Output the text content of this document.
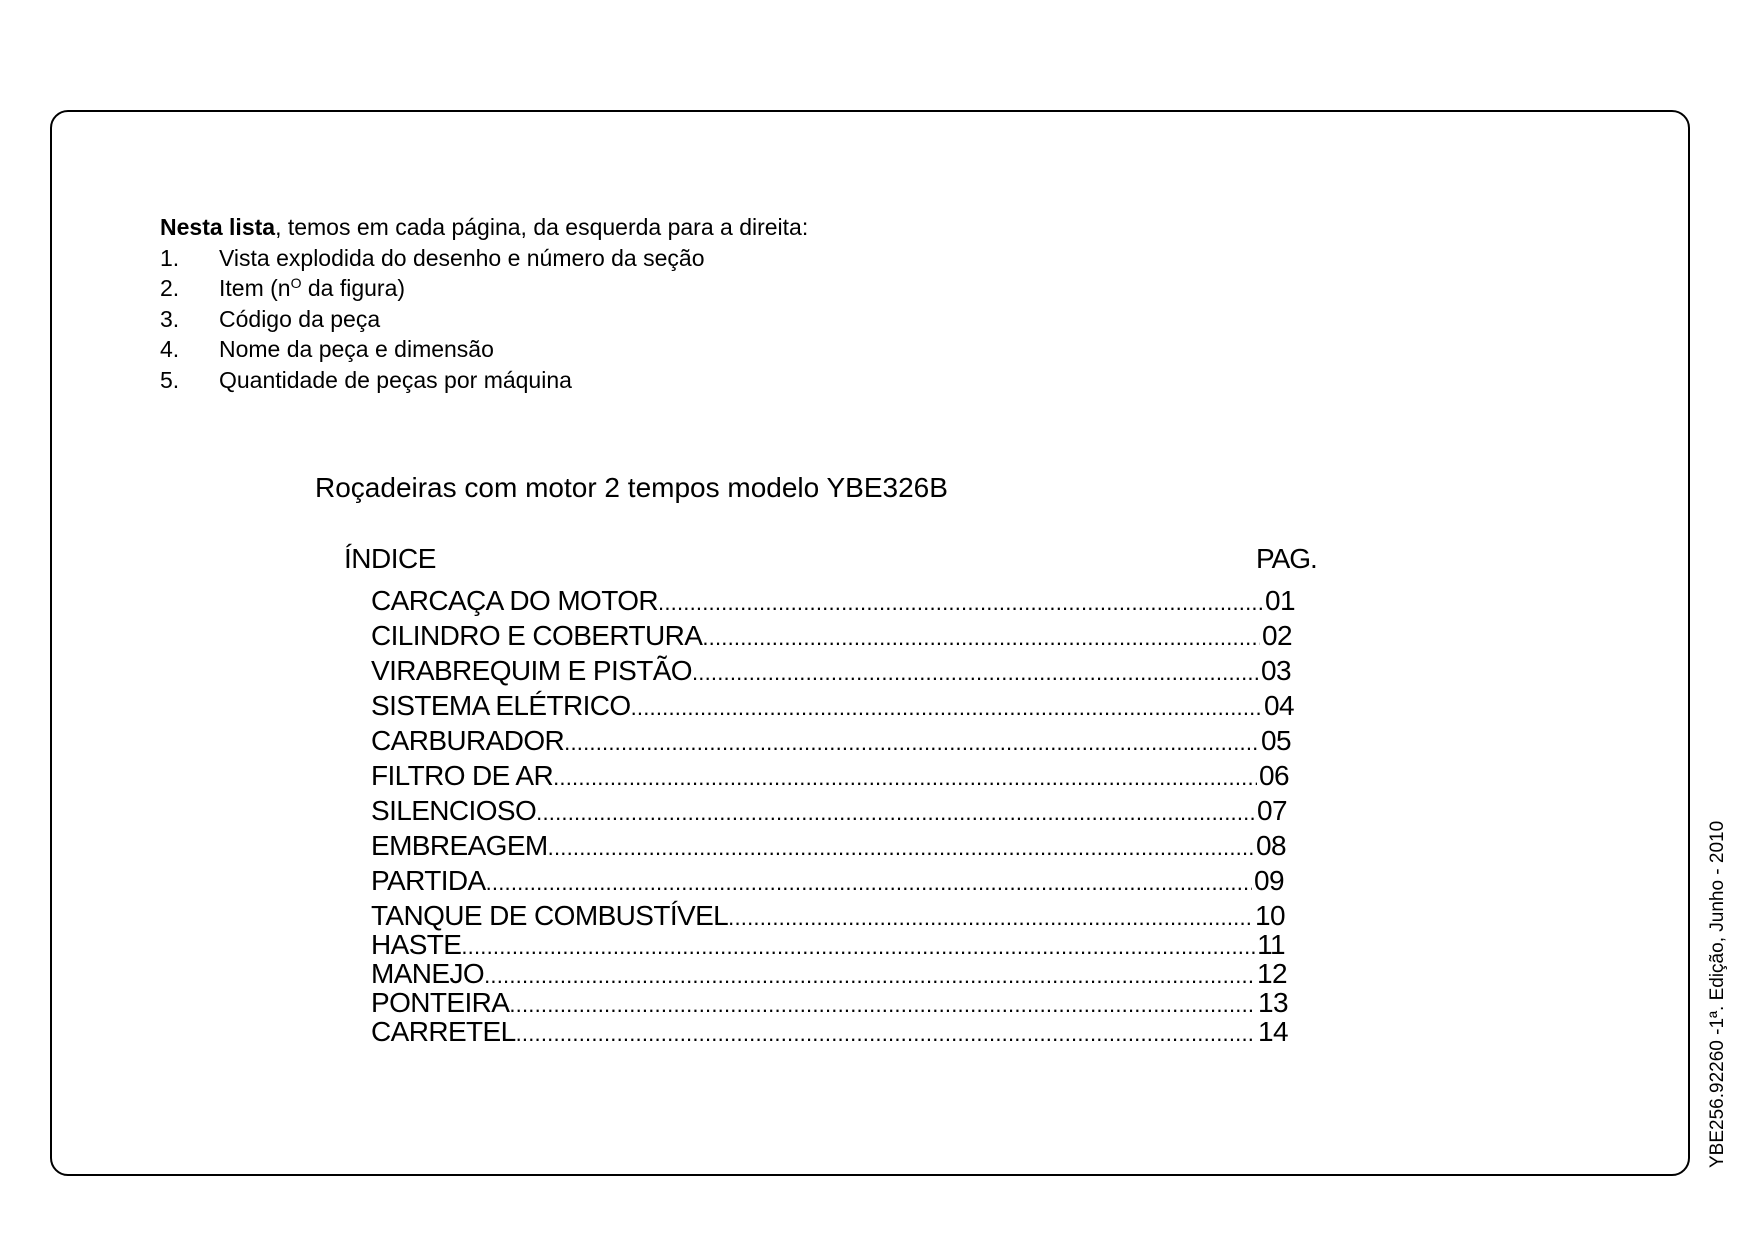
Nesta lista, temos em cada página, da esquerda para a direita:
1.	Vista explodida do desenho e número da seção
2.	Item ($n^O$ da figura)
3.	Código da peça
4.	Nome da peça e dimensão
5.	Quantidade de peças por máquina
Roçadeiras com motor 2 tempos modelo YBE326B
ÍNDICE	PAG.
CARCAÇA DO MOTOR .....	01
CILINDRO E COBERTURA .....	02
VIRABREQUIM E PISTÃO .....	03
SISTEMA ELÉTRICO .....	04
CARBURADOR .....	05
FILTRO DE AR .....	06
SILENCIOSO .....	07
EMBREAGEM .....	08
PARTIDA .....	09
TANQUE DE COMBUSTÍVEL .....	10
HASTE .....	11
MANEJO .....	12
PONTEIRA .....	13
CARRETEL .....	14	YBE256.92260 -1ª. Edição, Junho - 2010
